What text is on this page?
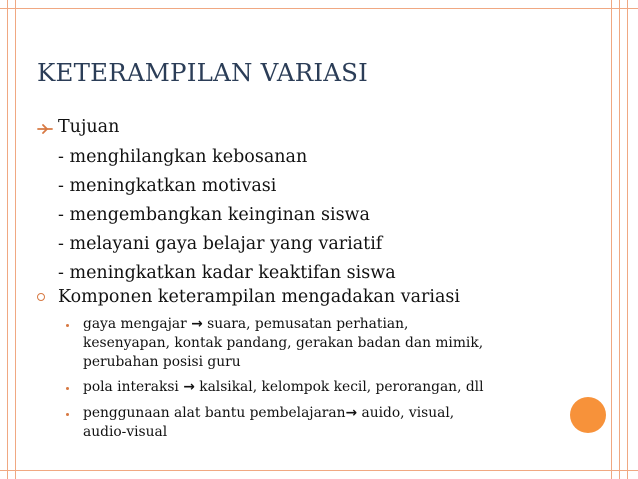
KETERAMPILAN VARIASI
Tujuan
- menghilangkan kebosanan
- meningkatkan motivasi
- mengembangkan keinginan siswa
- melayani gaya belajar yang variatif
- meningkatkan kadar keaktifan siswa
Komponen keterampilan mengadakan variasi
gaya mengajar → suara, pemusatan perhatian,
kesenyapan, kontak pandang, gerakan badan dan mimik,
perubahan posisi guru
pola interaksi → kalsikal, kelompok kecil, perorangan, dll
penggunaan alat bantu pembelajaran→ auido, visual,
audio-visual
